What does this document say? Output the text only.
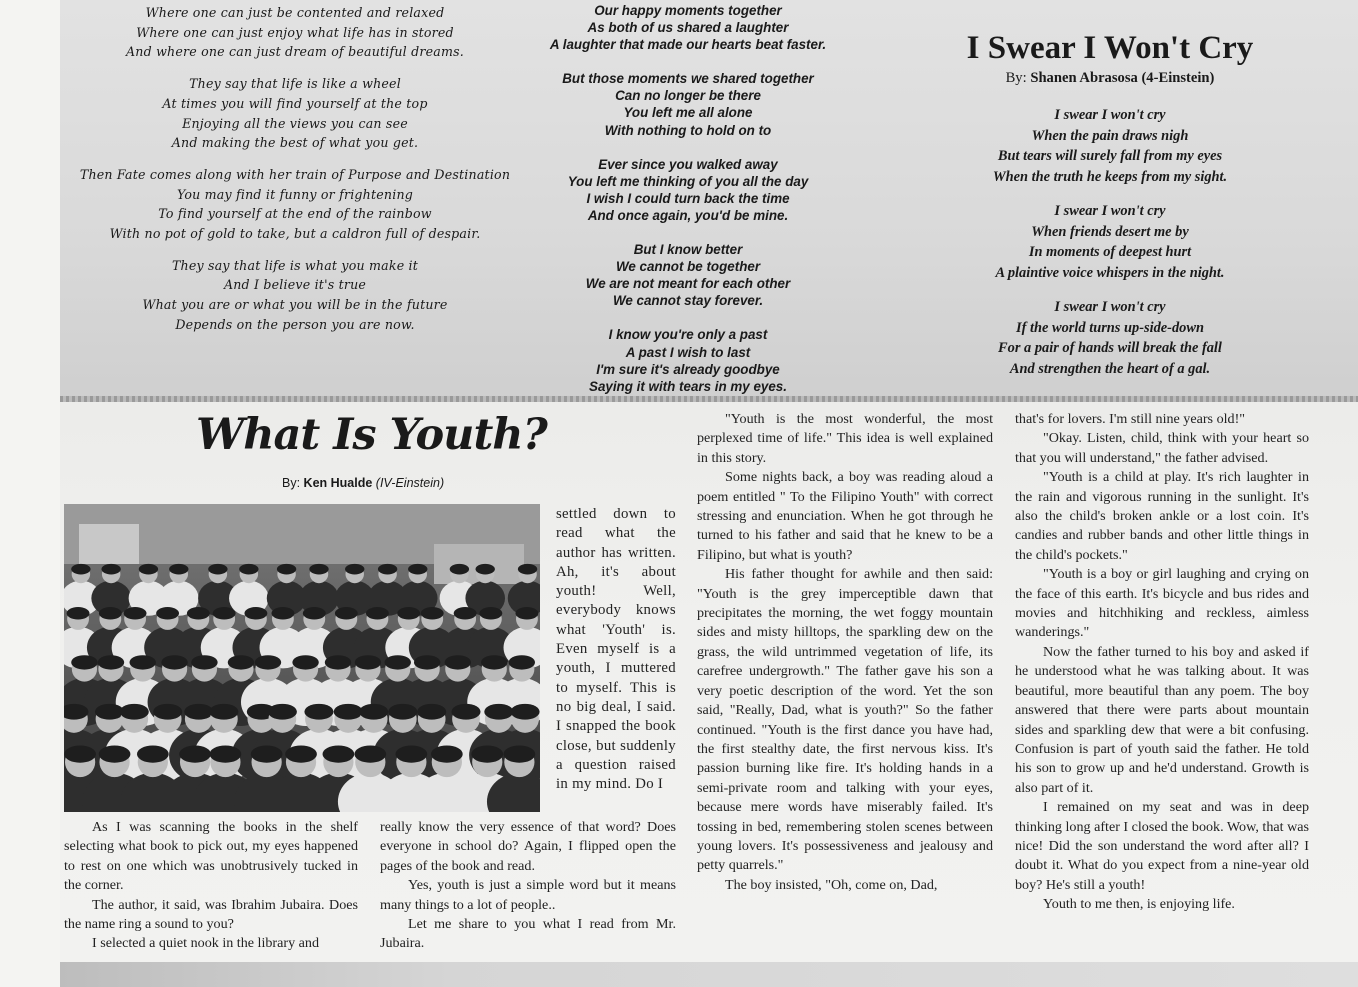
Where one can just be contented and relaxed
Where one can just enjoy what life has in stored
And where one can just dream of beautiful dreams.

They say that life is like a wheel
At times you will find yourself at the top
Enjoying all the views you can see
And making the best of what you get.

Then Fate comes along with her train of Purpose and Destination
You may find it funny or frightening
To find yourself at the end of the rainbow
With no pot of gold to take, but a caldron full of despair.

They say that life is what you make it
And I believe it's true
What you are or what you will be in the future
Depends on the person you are now.

Our happy moments together
As both of us shared a laughter
A laughter that made our hearts beat faster.

But those moments we shared together
Can no longer be there
You left me all alone
With nothing to hold on to

Ever since you walked away
You left me thinking of you all the day
I wish I could turn back the time
And once again, you'd be mine.

But I know better
We cannot be together
We are not meant for each other
We cannot stay forever.

I know you're only a past
A past I wish to last
I'm sure it's already goodbye
Saying it with tears in my eyes.

I Swear I Won't Cry
By: Shanen Abrasosa (4-Einstein)

I swear I won't cry
When the pain draws nigh
But tears will surely fall from my eyes
When the truth he keeps from my sight.

I swear I won't cry
When friends desert me by
In moments of deepest hurt
A plaintive voice whispers in the night.

I swear I won't cry
If the world turns up-side-down
For a pair of hands will break the fall
And strengthen the heart of a gal.

What Is Youth?
By: Ken Hualde (IV-Einstein)

settled down to read what the author has written. Ah, it's about youth! Well, everybody knows what 'Youth' is. Even myself is a youth, I muttered to myself. This is no big deal, I said. I snapped the book close, but suddenly a question raised in my mind. Do I

As I was scanning the books in the shelf selecting what book to pick out, my eyes happened to rest on one which was unobtrusively tucked in the corner.

The author, it said, was Ibrahim Jubaira. Does the name ring a sound to you?

I selected a quiet nook in the library and

really know the very essence of that word? Does everyone in school do? Again, I flipped open the pages of the book and read.

Yes, youth is just a simple word but it means many things to a lot of people..

Let me share to you what I read from Mr. Jubaira.

"Youth is the most wonderful, the most perplexed time of life." This idea is well explained in this story.

Some nights back, a boy was reading aloud a poem entitled " To the Filipino Youth" with correct stressing and enunciation. When he got through he turned to his father and said that he knew to be a Filipino, but what is youth?

His father thought for awhile and then said: "Youth is the grey imperceptible dawn that precipitates the morning, the wet foggy mountain sides and misty hilltops, the sparkling dew on the grass, the wild untrimmed vegetation of life, its carefree undergrowth." The father gave his son a very poetic description of the word. Yet the son said, "Really, Dad, what is youth?" So the father continued. "Youth is the first dance you have had, the first stealthy date, the first nervous kiss. It's passion burning like fire. It's holding hands in a semi-private room and talking with your eyes, because mere words have miserably failed. It's tossing in bed, remembering stolen scenes between young lovers. It's possessiveness and jealousy and petty quarrels."

The boy insisted, "Oh, come on, Dad,

that's for lovers. I'm still nine years old!"

"Okay. Listen, child, think with your heart so that you will understand," the father advised.

"Youth is a child at play. It's rich laughter in the rain and vigorous running in the sunlight. It's also the child's broken ankle or a lost coin. It's candies and rubber bands and other little things in the child's pockets."

"Youth is a boy or girl laughing and crying on the face of this earth. It's bicycle and bus rides and movies and hitchhiking and reckless, aimless wanderings."

Now the father turned to his boy and asked if he understood what he was talking about. It was beautiful, more beautiful than any poem. The boy answered that there were parts about mountain sides and sparkling dew that were a bit confusing. Confusion is part of youth said the father. He told his son to grow up and he'd understand. Growth is also part of it.

I remained on my seat and was in deep thinking long after I closed the book. Wow, that was nice! Did the son understand the word after all? I doubt it. What do you expect from a nine-year old boy? He's still a youth!

Youth to me then, is enjoying life.
